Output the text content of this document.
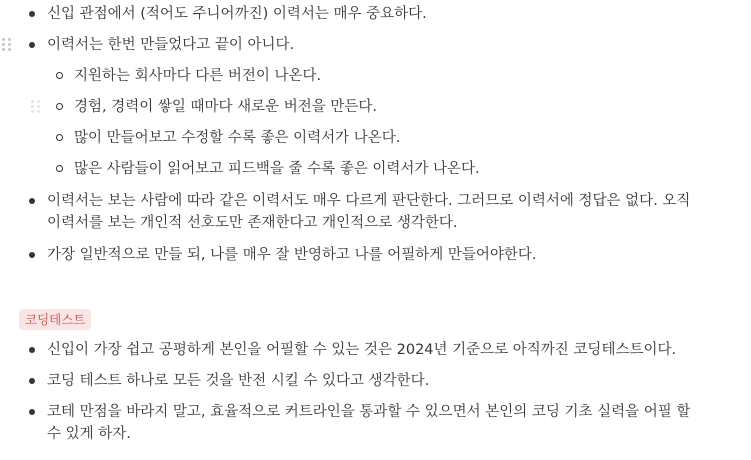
신입 관점에서 (적어도 주니어까진) 이력서는 매우 중요하다.
이력서는 한번 만들었다고 끝이 아니다.
지원하는 회사마다 다른 버전이 나온다.
경험, 경력이 쌓일 때마다 새로운 버전을 만든다.
많이 만들어보고 수정할 수록 좋은 이력서가 나온다.
많은 사람들이 읽어보고 피드백을 줄 수록 좋은 이력서가 나온다.
이력서는 보는 사람에 따라 같은 이력서도 매우 다르게 판단한다. 그러므로 이력서에 정답은 없다. 오직 이력서를 보는 개인적 선호도만 존재한다고 개인적으로 생각한다.
가장 일반적으로 만들 되, 나를 매우 잘 반영하고 나를 어필하게 만들어야한다.
코딩테스트
신입이 가장 쉽고 공평하게 본인을 어필할 수 있는 것은 2024년 기준으로 아직까진 코딩테스트이다.
코딩 테스트 하나로 모든 것을 반전 시킬 수 있다고 생각한다.
코테 만점을 바라지 말고, 효율적으로 커트라인을 통과할 수 있으면서 본인의 코딩 기초 실력을 어필 할 수 있게 하자.
